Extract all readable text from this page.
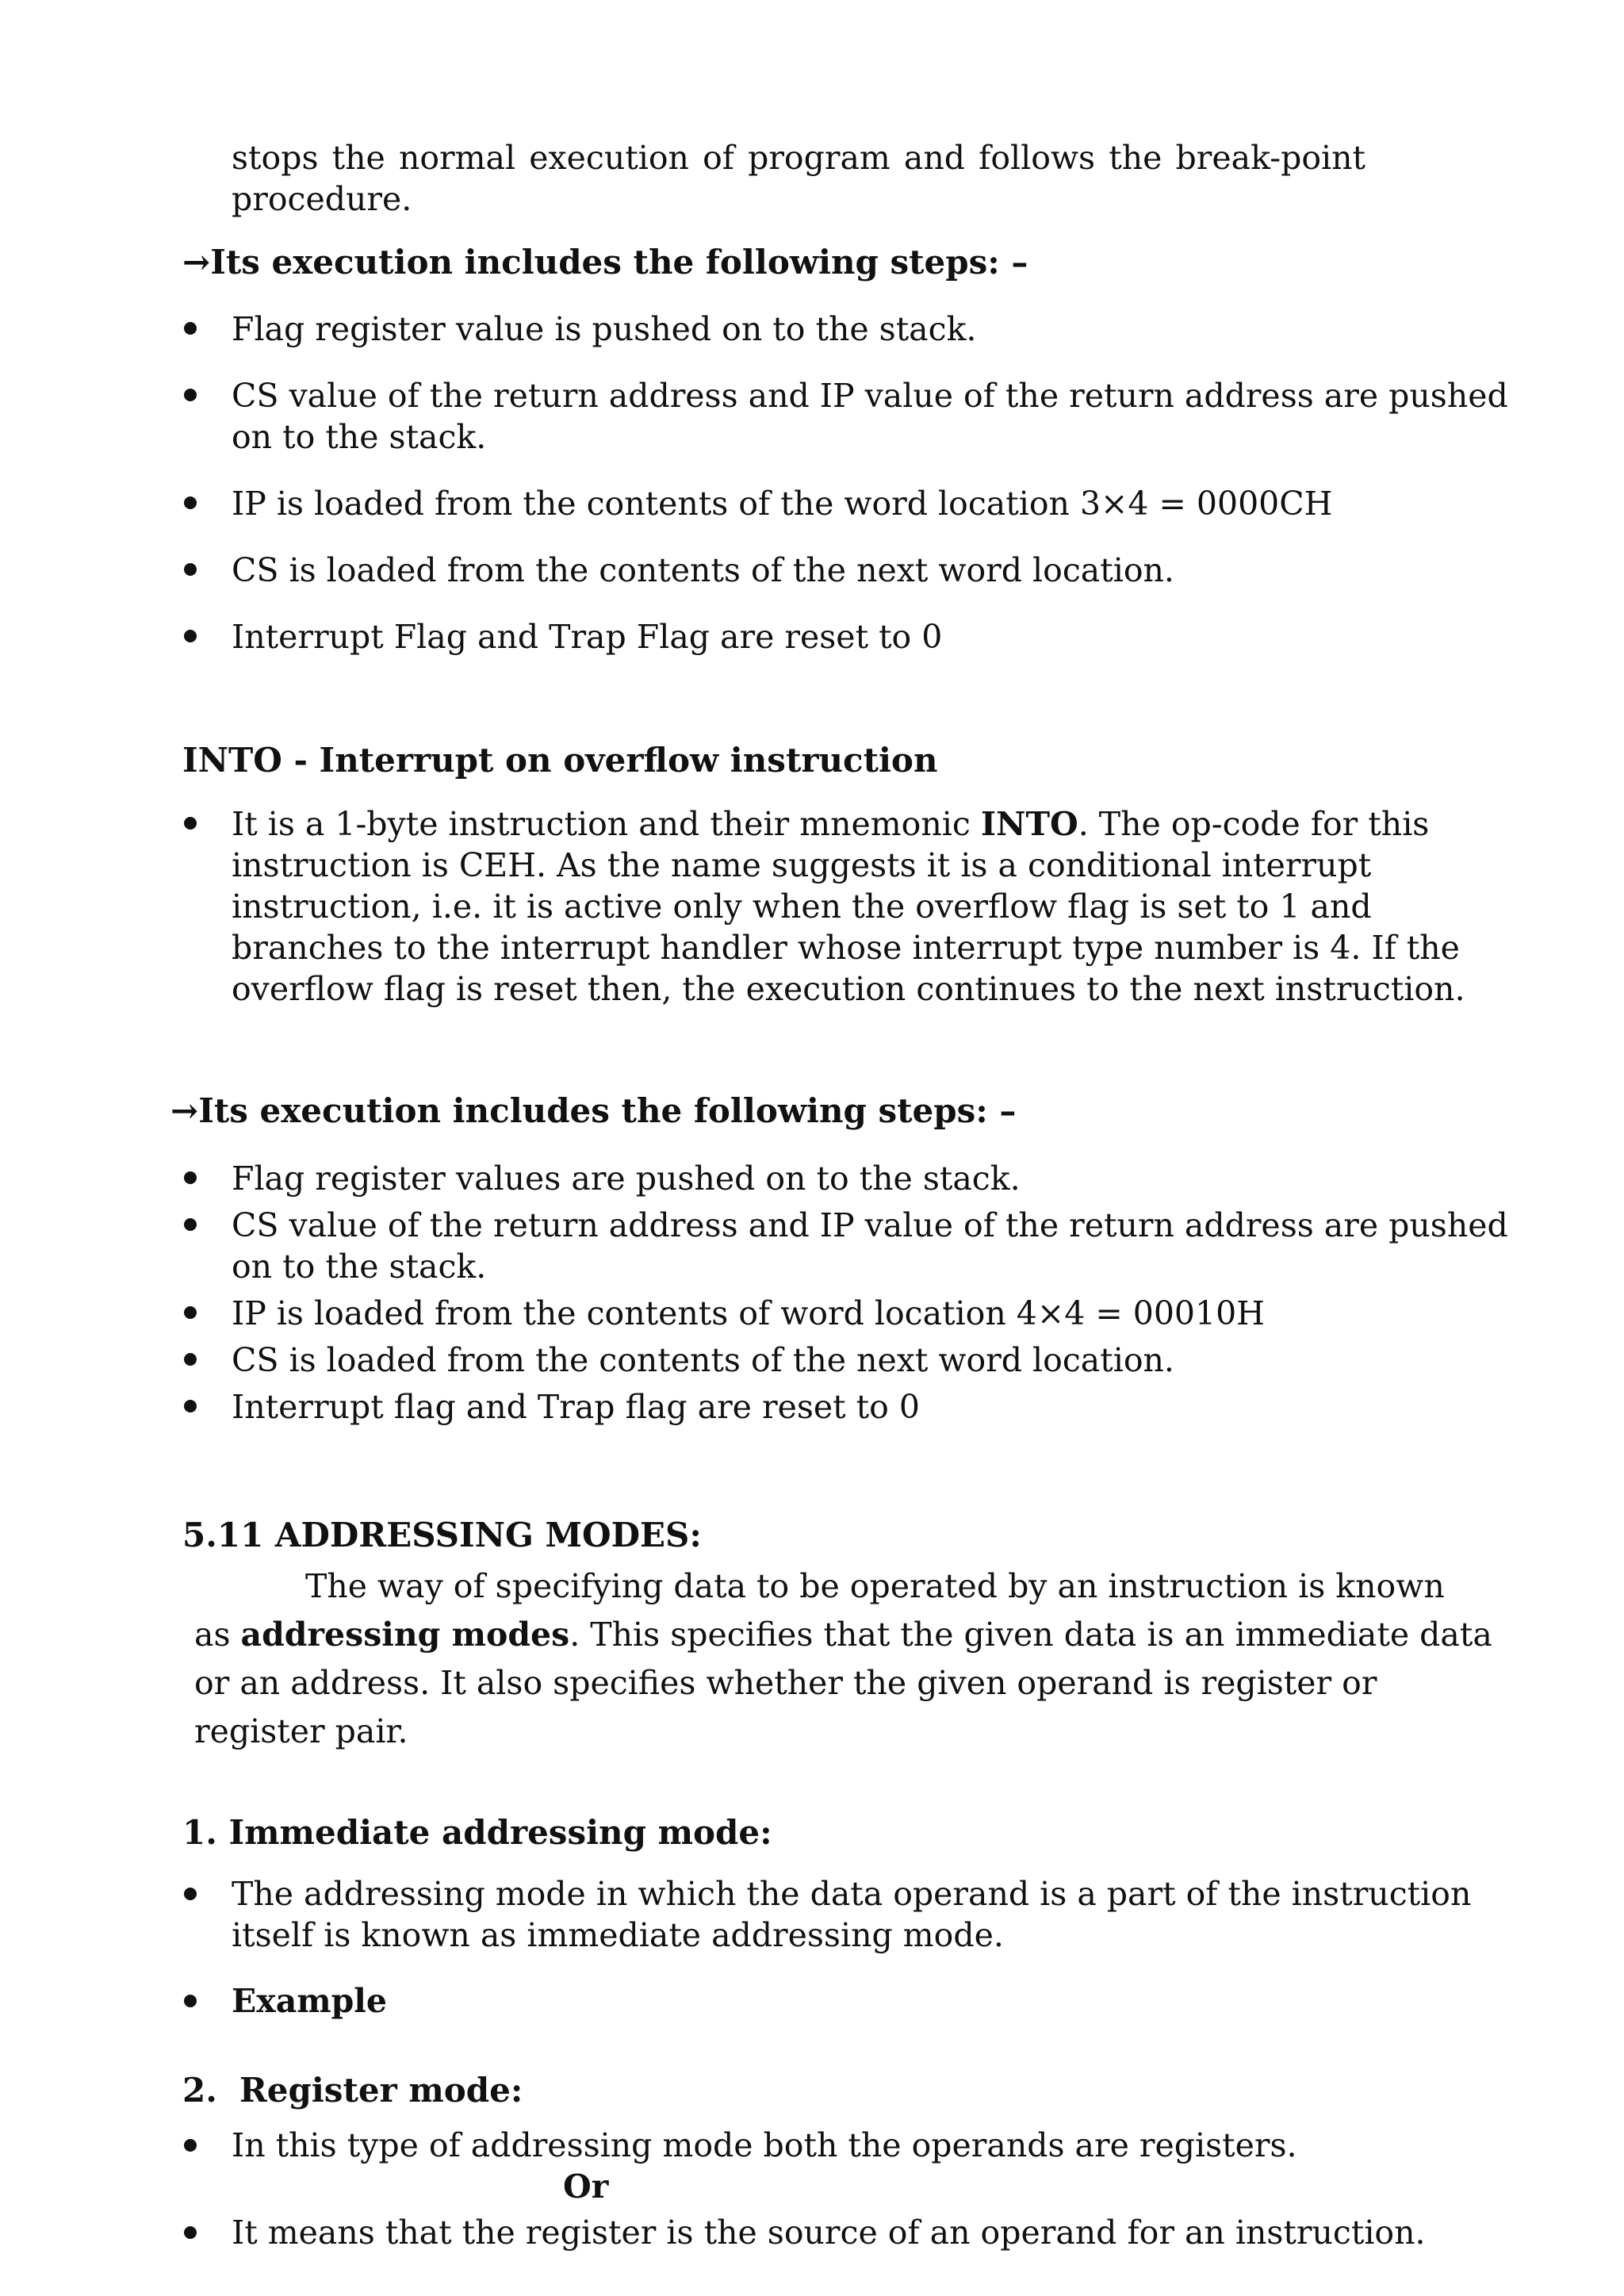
stops the normal execution of program and follows the break-point
procedure.
→Its execution includes the following steps: –
Flag register value is pushed on to the stack.
CS value of the return address and IP value of the return address are pushed
on to the stack.
IP is loaded from the contents of the word location 3×4 = 0000CH
CS is loaded from the contents of the next word location.
Interrupt Flag and Trap Flag are reset to 0
INTO - Interrupt on overflow instruction
It is a 1-byte instruction and their mnemonic INTO. The op-code for this
instruction is CEH. As the name suggests it is a conditional interrupt
instruction, i.e. it is active only when the overflow flag is set to 1 and
branches to the interrupt handler whose interrupt type number is 4. If the
overflow flag is reset then, the execution continues to the next instruction.
→Its execution includes the following steps: –
Flag register values are pushed on to the stack.
CS value of the return address and IP value of the return address are pushed
on to the stack.
IP is loaded from the contents of word location 4×4 = 00010H
CS is loaded from the contents of the next word location.
Interrupt flag and Trap flag are reset to 0
5.11 ADDRESSING MODES:
The way of specifying data to be operated by an instruction is known
as addressing modes. This specifies that the given data is an immediate data
or an address. It also specifies whether the given operand is register or
register pair.
1. Immediate addressing mode:
The addressing mode in which the data operand is a part of the instruction
itself is known as immediate addressing mode.
Example
2. Register mode:
In this type of addressing mode both the operands are registers.
Or
It means that the register is the source of an operand for an instruction.
